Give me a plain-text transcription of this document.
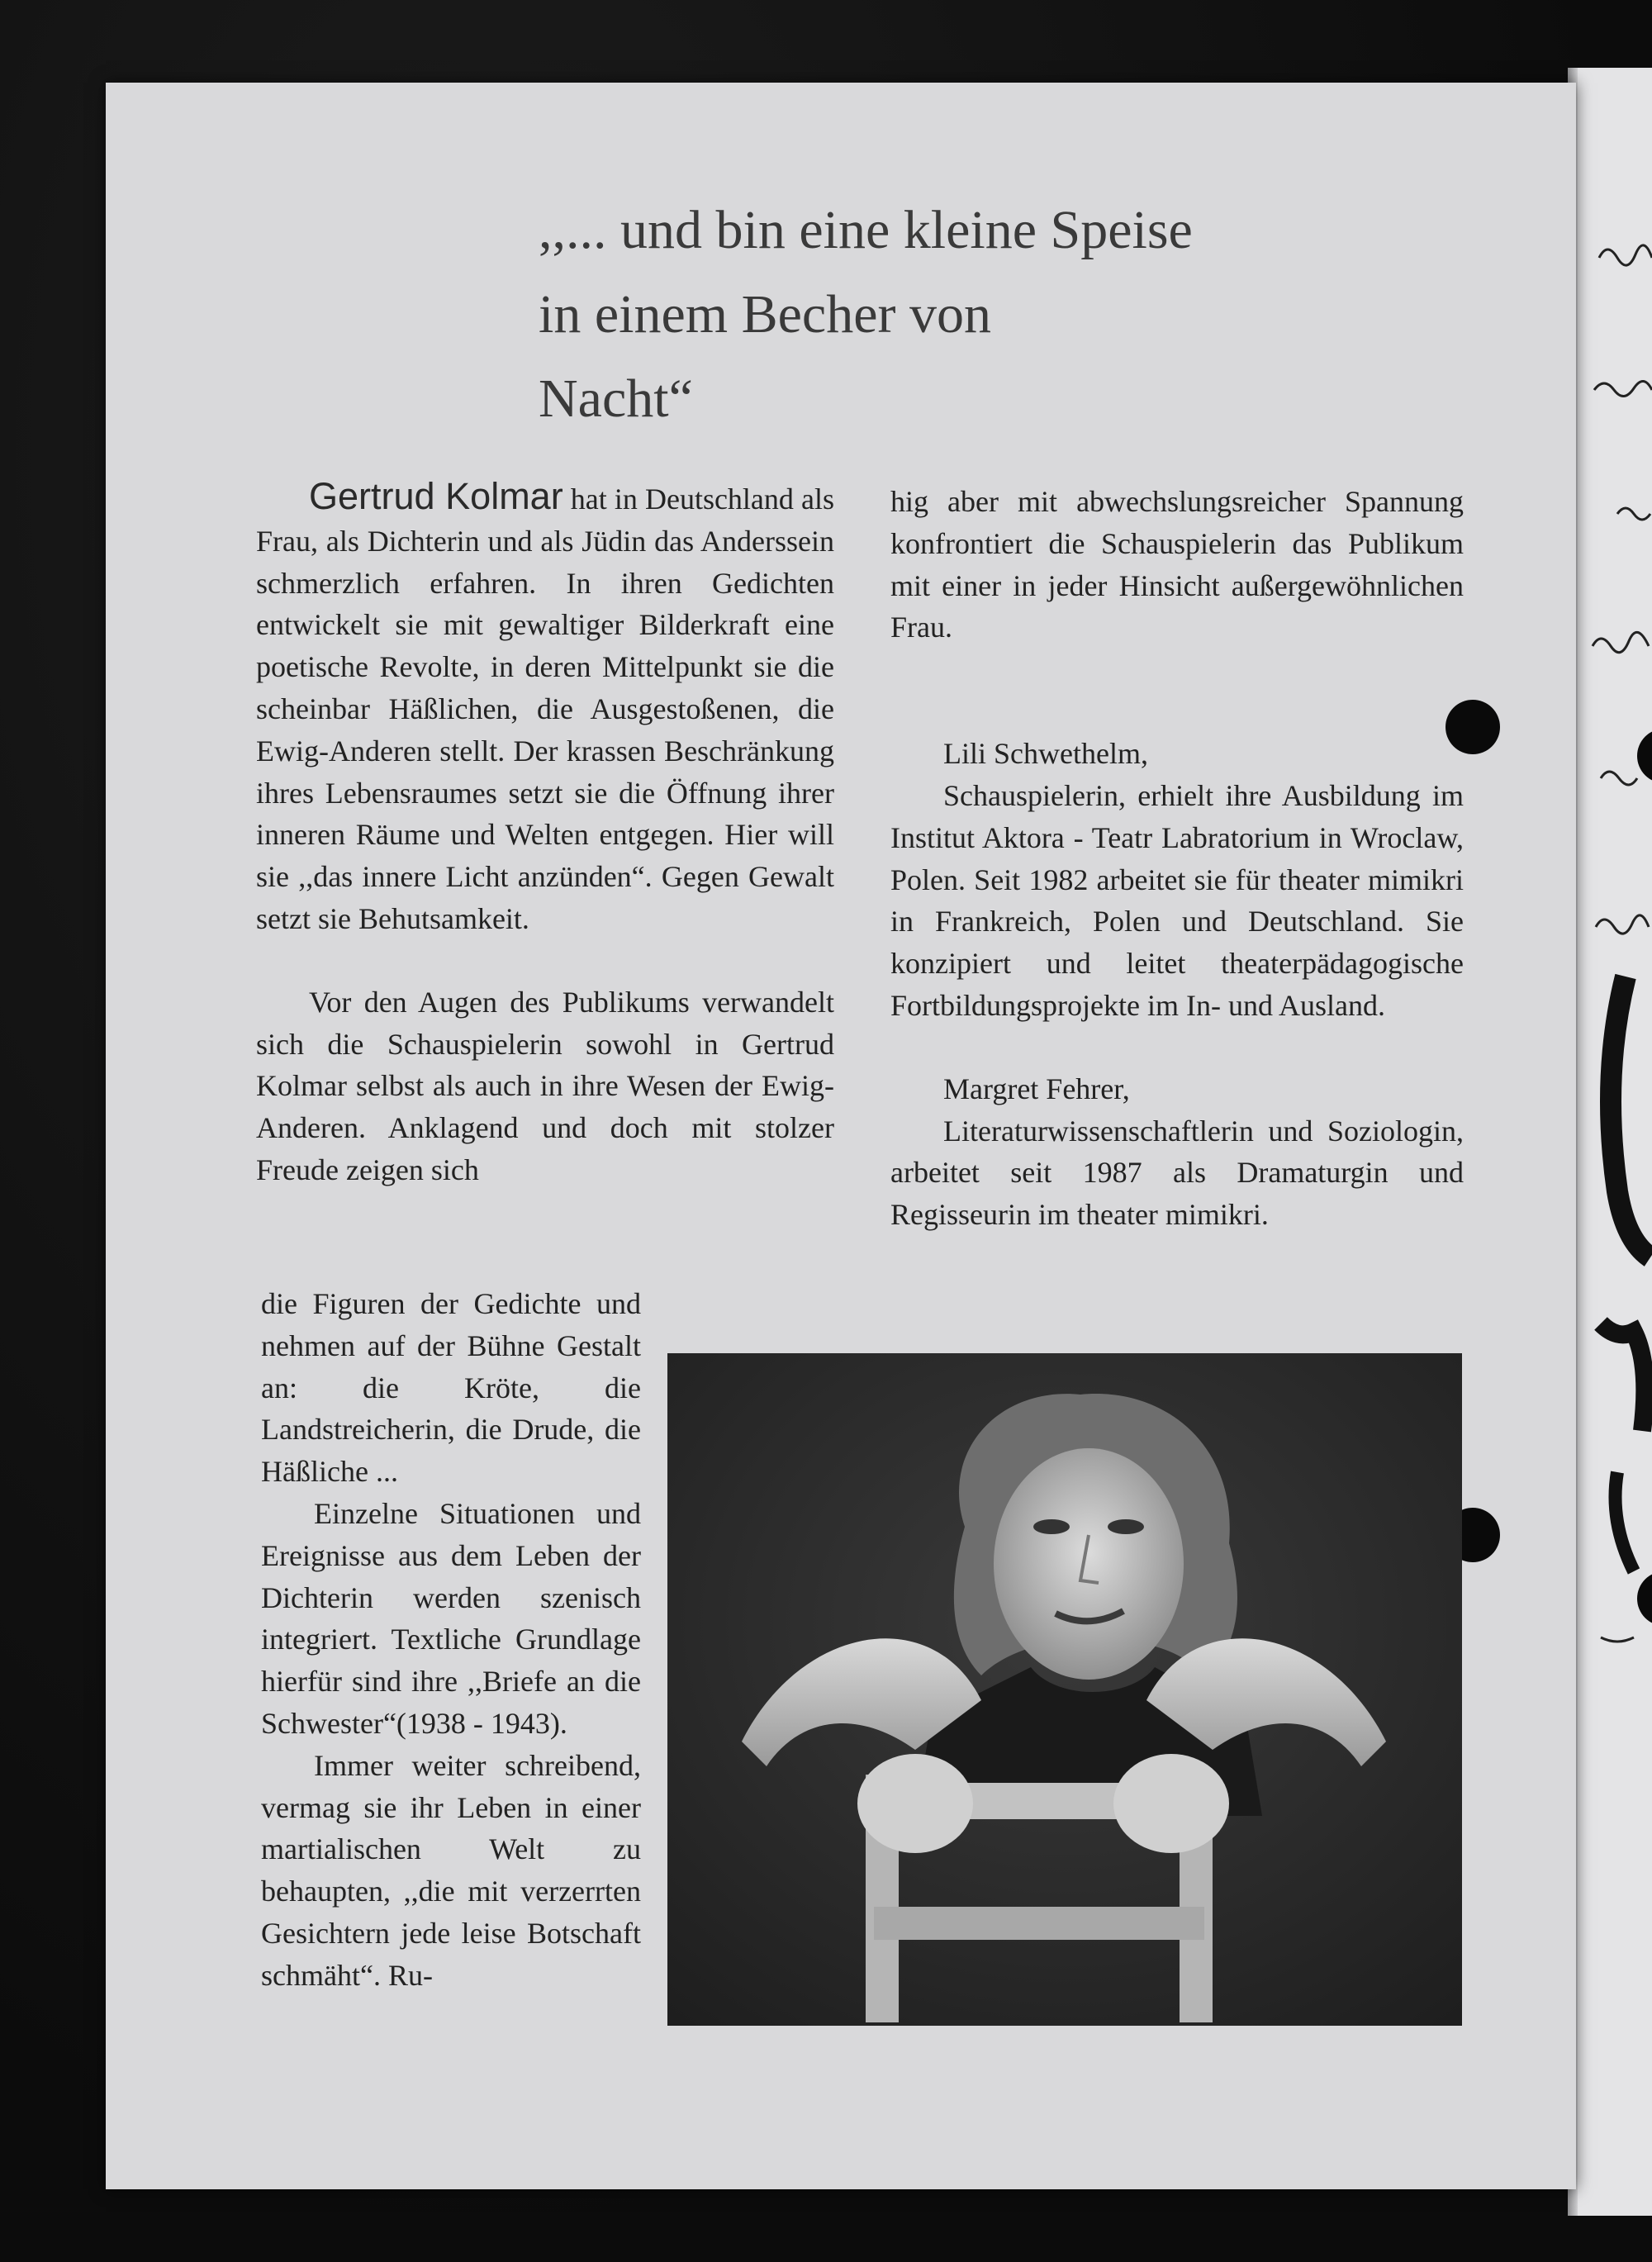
,,... und bin eine kleine Speise
in einem Becher von
Nacht“

Gertrud Kolmar hat in Deutschland als Frau, als Dichterin und als Jüdin das Anderssein schmerzlich erfahren. In ihren Gedichten entwickelt sie mit gewaltiger Bilderkraft eine poetische Revolte, in deren Mittelpunkt sie die scheinbar Häßlichen, die Ausgestoßenen, die Ewig-Anderen stellt. Der krassen Beschränkung ihres Lebensraumes setzt sie die Öffnung ihrer inneren Räume und Welten entgegen. Hier will sie ,,das innere Licht anzünden“. Gegen Gewalt setzt sie Behutsamkeit.

Vor den Augen des Publikums verwandelt sich die Schauspielerin sowohl in Gertrud Kolmar selbst als auch in ihre Wesen der Ewig-Anderen. Anklagend und doch mit stolzer Freude zeigen sich

die Figuren der Gedichte und nehmen auf der Bühne Gestalt an: die Kröte, die Landstreicherin, die Drude, die Häßliche ...

Einzelne Situationen und Ereignisse aus dem Leben der Dichterin werden szenisch integriert. Textliche Grundlage hierfür sind ihre ,,Briefe an die Schwester“(1938 - 1943).

Immer weiter schreibend, vermag sie ihr Leben in einer martialischen Welt zu behaupten, ,,die mit verzerrten Gesichtern jede leise Botschaft schmäht“. Ru-

hig aber mit abwechslungsreicher Spannung konfrontiert die Schauspielerin das Publikum mit einer in jeder Hinsicht außergewöhnlichen Frau.

Lili Schwethelm,

Schauspielerin, erhielt ihre Ausbildung im Institut Aktora - Teatr Labratorium in Wroclaw, Polen. Seit 1982 arbeitet sie für theater mimikri in Frankreich, Polen und Deutschland. Sie konzipiert und leitet theaterpädagogische Fortbildungsprojekte im In- und Ausland.

Margret Fehrer,

Literaturwissenschaftlerin und Soziologin, arbeitet seit 1987 als Dramaturgin und Regisseurin im theater mimikri.
